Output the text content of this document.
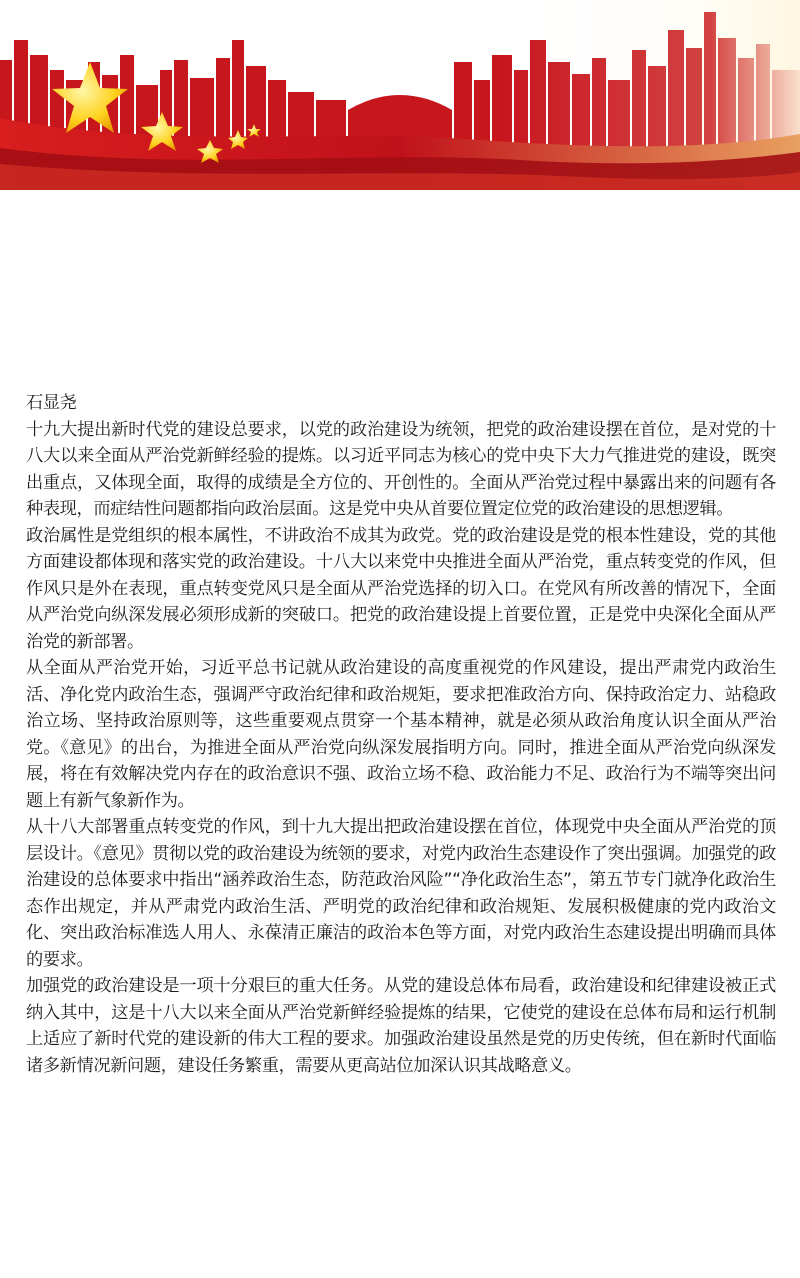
石显尧

十九大提出新时代党的建设总要求，以党的政治建设为统领，把党的政治建设摆在首位，是对党的十八大以来全面从严治党新鲜经验的提炼。以习近平同志为核心的党中央下大力气推进党的建设，既突出重点，又体现全面，取得的成绩是全方位的、开创性的。全面从严治党过程中暴露出来的问题有各种表现，而症结性问题都指向政治层面。这是党中央从首要位置定位党的政治建设的思想逻辑。

政治属性是党组织的根本属性，不讲政治不成其为政党。党的政治建设是党的根本性建设，党的其他方面建设都体现和落实党的政治建设。十八大以来党中央推进全面从严治党，重点转变党的作风，但作风只是外在表现，重点转变党风只是全面从严治党选择的切入口。在党风有所改善的情况下，全面从严治党向纵深发展必须形成新的突破口。把党的政治建设提上首要位置，正是党中央深化全面从严治党的新部署。

从全面从严治党开始，习近平总书记就从政治建设的高度重视党的作风建设，提出严肃党内政治生活、净化党内政治生态，强调严守政治纪律和政治规矩，要求把准政治方向、保持政治定力、站稳政治立场、坚持政治原则等，这些重要观点贯穿一个基本精神，就是必须从政治角度认识全面从严治党。《意见》的出台，为推进全面从严治党向纵深发展指明方向。同时，推进全面从严治党向纵深发展，将在有效解决党内存在的政治意识不强、政治立场不稳、政治能力不足、政治行为不端等突出问题上有新气象新作为。

从十八大部署重点转变党的作风，到十九大提出把政治建设摆在首位，体现党中央全面从严治党的顶层设计。《意见》贯彻以党的政治建设为统领的要求，对党内政治生态建设作了突出强调。加强党的政治建设的总体要求中指出“涵养政治生态，防范政治风险”“净化政治生态”，第五节专门就净化政治生态作出规定，并从严肃党内政治生活、严明党的政治纪律和政治规矩、发展积极健康的党内政治文化、突出政治标准选人用人、永葆清正廉洁的政治本色等方面，对党内政治生态建设提出明确而具体的要求。

加强党的政治建设是一项十分艰巨的重大任务。从党的建设总体布局看，政治建设和纪律建设被正式纳入其中，这是十八大以来全面从严治党新鲜经验提炼的结果，它使党的建设在总体布局和运行机制上适应了新时代党的建设新的伟大工程的要求。加强政治建设虽然是党的历史传统，但在新时代面临诸多新情况新问题，建设任务繁重，需要从更高站位加深认识其战略意义。
